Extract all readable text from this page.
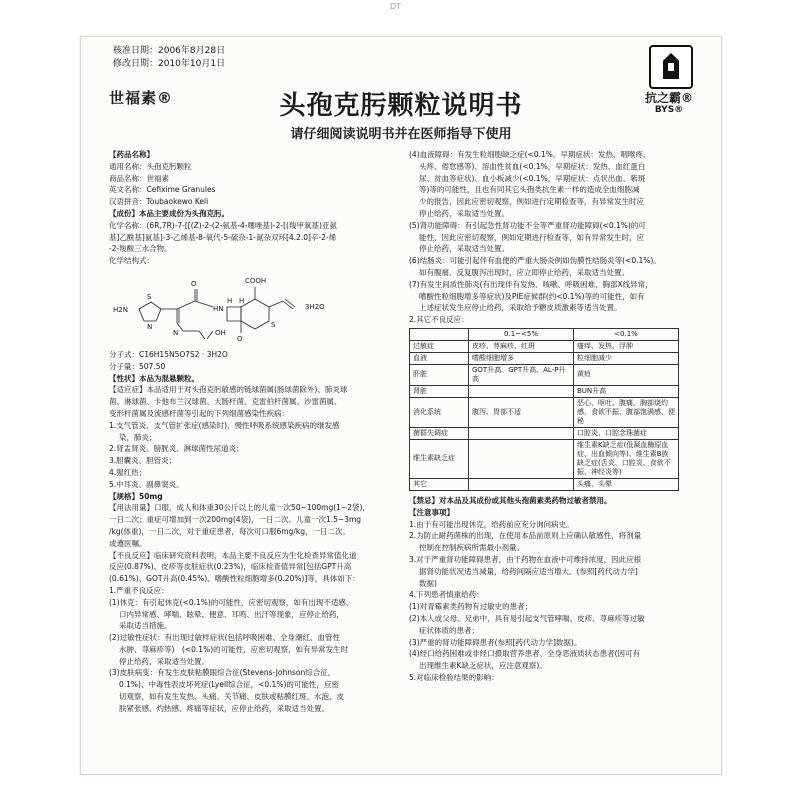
DT
核准日期：2006年8月28日
修改日期：2010年10月1日
世福素®	头孢克肟颗粒说明书
请仔细阅读说明书并在医师指导下使用
抗之霸®
BYS®

【药品名称】

通用名称：头孢克肟颗粒

商品名称：世福素

英文名称：Cefixime Granules

汉语拼音：Toubaokewo Keli

【成份】本品主要成份为头孢克肟。

化学名称：(6R,7R)-7-[[(Z)-2-(2-氨基-4-噻唑基)-2-[(羧甲氧基)亚氨

基]乙酰基]氨基]-3-乙烯基-8-氧代-5-硫杂-1-氮杂双环[4.2.0]辛-2-烯

-2-羧酸三水合物。

化学结构式：

H2N
S
N
O
HN
H H
S
COOH
3H2O
O
OH
N

分子式：C16H15N5O7S2 · 3H2O

分子量：507.50

【性状】本品为混悬颗粒。

【适应症】本品适用于对头孢克肟敏感的链球菌属(肠球菌除外)、肺炎球

菌、淋球菌、卡他布兰汉球菌、大肠杆菌、克雷伯杆菌属、沙雷菌属、

变形杆菌属及流感杆菌等引起的下列细菌感染性疾病：

1.支气管炎、支气管扩张症(感染时)，慢性呼吸系统感染疾病的继发感

染，肺炎；

2.肾盂肾炎、膀胱炎、淋球菌性尿道炎；

3.胆囊炎、胆管炎；

4.猩红热；

5.中耳炎、副鼻窦炎。

【规格】50mg

【用法用量】口服，成人和体重30公斤以上的儿童一次50~100mg(1~2袋)，

一日二次；重症可增加到一次200mg(4袋)，一日二次。儿童一次1.5~3mg

/kg(体重)，一日二次，对于重症患者，每次可口服6mg/kg，一日二次。

或遵医嘱。

【不良反应】临床研究资料表明，本品主要不良反应为生化检查异常值化道

反应(0.87%)、皮疹等皮肤症状(0.23%)，临床检查值异常[包括GPT升高

(0.61%)、GOT升高(0.45%)、嗜酸性粒细胞增多(0.20%)]等，具体如下：

1.严重不良反应：

(1)休克：有引起休克(<0.1%)的可能性，应密切观察，如有出现不适感、

口内异常感、哮喘、眩晕、便意、耳鸣、出汗等现象，应停止给药，

采取适当措施。

(2)过敏性症状：有出现过敏样症状(包括呼吸困难、全身潮红、血管性

水肿、荨麻疹等)　(<0.1%)的可能性，应密切观察，如有异常发生时

停止给药，采取适当处置。

(3)皮肤病变：有发生皮肤粘膜眼综合征(Stevens-Johnson综合征，

0.1%)、中毒性表皮坏死症(Lyell综合征，<0.1%)的可能性，应密

切观察，如有发生发热、头痛、关节痛、皮肤或粘膜红斑、水泡、皮

肤紧张感、灼热感、疼痛等症状，应停止给药，采取适当处置。

(4)血液障碍：有发生粒细胞缺乏症(<0.1%，早期症状：发热、咽喉疼、

头疼、倦怠感等)、溶血性贫血(<0.1%，早期症状：发热、血红蛋白

尿、贫血等症状)、血小板减少(<0.1%，早期症状：点状出血、紫斑

等)等的可能性，且也有同其它头孢类抗生素一样的造成全血细胞减

少的报告，因此应密切观察，例如进行定期检查等，有异常发生时应

停止给药，采取适当处置。

(5)肾功能障碍：有引起急性肾功能不全等严重肾功能障碍(<0.1%)的可

能性，因此应密切观察，例如定期进行检查等，如有异常发生时，应

停止给药，采取适当处置。

(6)结肠炎：可能引起伴有血便的严重大肠炎例如伪膜性结肠炎等(<0.1%)。

如有腹痛、反复腹泻出现时，应立即停止给药，采取适当处置。

(7)有发生间质性肺炎(有出现伴有发热、咳嗽、呼吸困难、胸部X线异常，

嗜酸性粒细胞增多等症状)及PIE症候群(约<0.1%)等的可能性，如有

上述症状发生应停止给药，采取给予糖皮质激素等适当处置。

2.其它不良反应：

	0.1~<5%	<0.1%
过敏症	皮疹、荨麻疹、红斑	瘙痒、发热、浮肿
血液	嗜酸细胞增多	粒细胞减少
肝脏	GOT升高、GPT升高、AL-P升高	黄疸
肾脏		BUN升高
消化系统	腹泻、胃部不适	恶心、呕吐、腹痛、胸部烧灼感、食欲不振、腹部饱满感、便秘
菌群失调症		口腔炎、口腔念珠菌症
维生素缺乏症		维生素K缺乏症(低凝血酶原血症、出血倾向等)、维生素B族缺乏症(舌炎、口腔炎、食欲不振、神经炎等)
其它		头痛、头晕

【禁忌】对本品及其成份或其他头孢菌素类药物过敏者禁用。

【注意事项】

1.由于有可能出现休克，给药前应充分询问病史。

2.为防止耐药菌株的出现，在使用本品前原则上应确认敏感性，将剂量

控制在控制疾病所需最小剂量。

3.对于严重肾功能障碍患者，由于药物在血液中可维持浓度，因此应根

据肾功能状况适当减量，给药间隔应适当增大。(参照[药代动力学]

数据)

4.下列患者慎重给药：

(1)对青霉素类药物有过敏史的患者；

(2)本人或父母、兄弟中，具有易引起支气管哮喘、皮疹、荨麻疹等过敏

症状体质的患者；

(3)严重的肾功能障碍患者(参照[药代动力学]数据)。

(4)经口给药困难或非经口摄取营养患者、全身恶液质状态患者(因可有

出现维生素K缺乏症状，应注意观察)。

5.对临床检验结果的影响：
